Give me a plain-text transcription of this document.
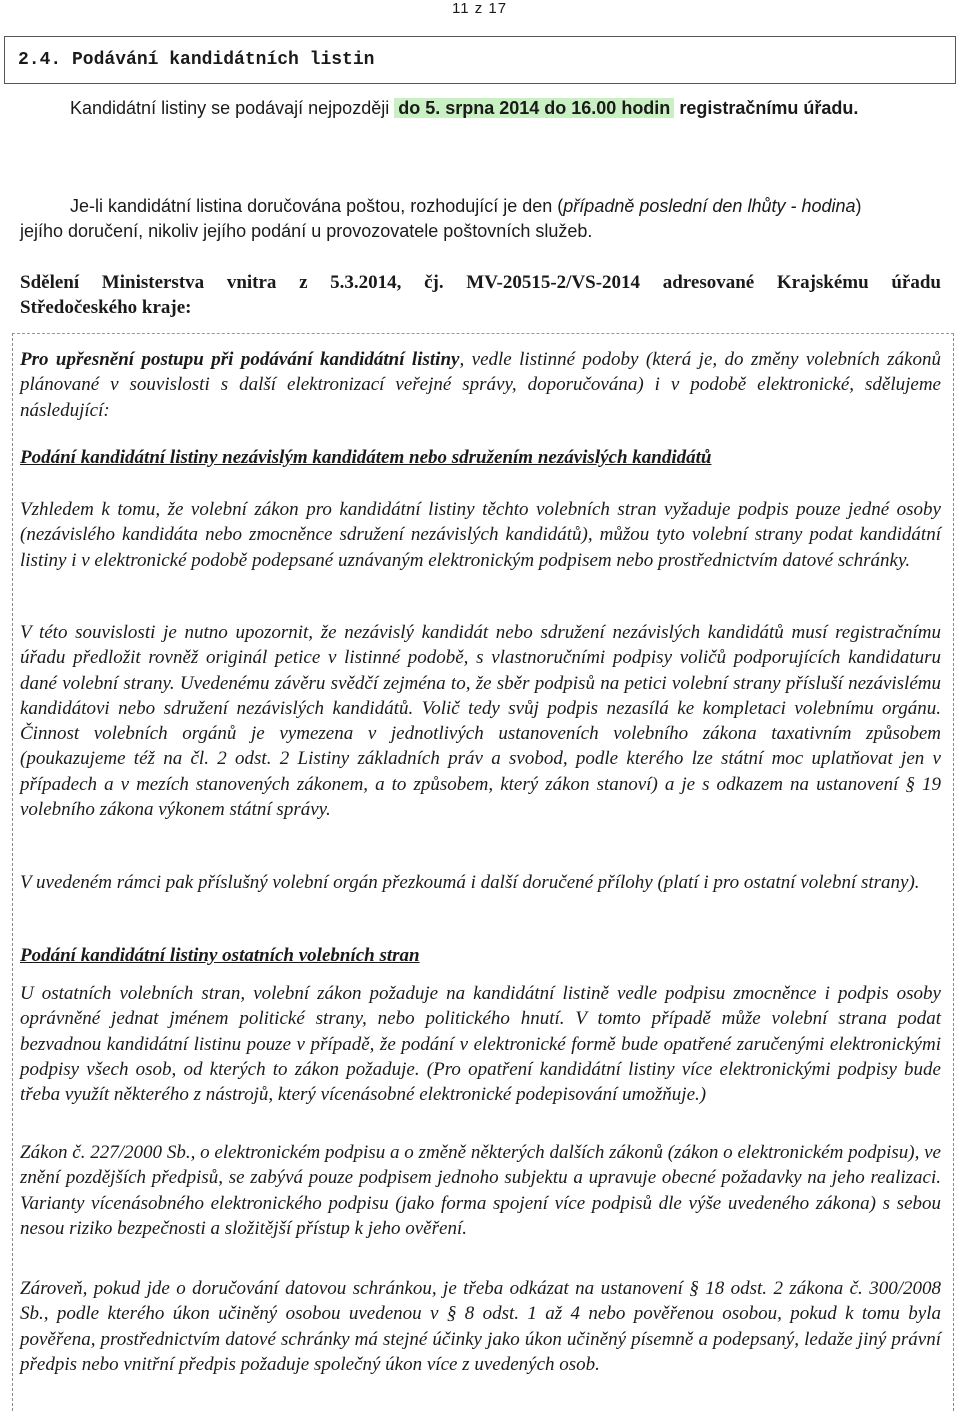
11 z 17
2.4. Podávání kandidátních listin
Kandidátní listiny se podávají nejpozději do 5. srpna 2014 do 16.00 hodin registračnímu úřadu.
Je-li kandidátní listina doručována poštou, rozhodující je den (případně poslední den lhůty - hodina)
jejího doručení, nikoliv jejího podání u provozovatele poštovních služeb.
Sdělení Ministerstva vnitra z 5.3.2014, čj. MV-20515-2/VS-2014 adresované Krajskému úřadu
Středočeského kraje:

Pro upřesnění postupu při podávání kandidátní listiny, vedle listinné podoby (která je, do změny volebních zákonů plánované v souvislosti s další elektronizací veřejné správy, doporučována) i v podobě elektronické, sdělujeme následující:

Podání kandidátní listiny nezávislým kandidátem nebo sdružením nezávislých kandidátů

Vzhledem k tomu, že volební zákon pro kandidátní listiny těchto volebních stran vyžaduje podpis pouze jedné osoby (nezávislého kandidáta nebo zmocněnce sdružení nezávislých kandidátů), můžou tyto volební strany podat kandidátní listiny i v elektronické podobě podepsané uznávaným elektronickým podpisem nebo prostřednictvím datové schránky.

V této souvislosti je nutno upozornit, že nezávislý kandidát nebo sdružení nezávislých kandidátů musí registračnímu úřadu předložit rovněž originál petice v listinné podobě, s vlastnoručními podpisy voličů podporujících kandidaturu dané volební strany. Uvedenému závěru svědčí zejména to, že sběr podpisů na petici volební strany přísluší nezávislému kandidátovi nebo sdružení nezávislých kandidátů. Volič tedy svůj podpis nezasílá ke kompletaci volebnímu orgánu. Činnost volebních orgánů je vymezena v jednotlivých ustanoveních volebního zákona taxativním způsobem (poukazujeme též na čl. 2 odst. 2 Listiny základních práv a svobod, podle kterého lze státní moc uplatňovat jen v případech a v mezích stanovených zákonem, a to způsobem, který zákon stanoví) a je s odkazem na ustanovení § 19 volebního zákona výkonem státní správy.

V uvedeném rámci pak příslušný volební orgán přezkoumá i další doručené přílohy (platí i pro ostatní volební strany).

Podání kandidátní listiny ostatních volebních stran

U ostatních volebních stran, volební zákon požaduje na kandidátní listině vedle podpisu zmocněnce i podpis osoby oprávněné jednat jménem politické strany, nebo politického hnutí. V tomto případě může volební strana podat bezvadnou kandidátní listinu pouze v případě, že podání v elektronické formě bude opatřené zaručenými elektronickými podpisy všech osob, od kterých to zákon požaduje. (Pro opatření kandidátní listiny více elektronickými podpisy bude třeba využít některého z nástrojů, který vícenásobné elektronické podepisování umožňuje.)

Zákon č. 227/2000 Sb., o elektronickém podpisu a o změně některých dalších zákonů (zákon o elektronickém podpisu), ve znění pozdějších předpisů, se zabývá pouze podpisem jednoho subjektu a upravuje obecné požadavky na jeho realizaci. Varianty vícenásobného elektronického podpisu (jako forma spojení více podpisů dle výše uvedeného zákona) s sebou nesou riziko bezpečnosti a složitější přístup k jeho ověření.

Zároveň, pokud jde o doručování datovou schránkou, je třeba odkázat na ustanovení § 18 odst. 2 zákona č. 300/2008 Sb., podle kterého úkon učiněný osobou uvedenou v § 8 odst. 1 až 4 nebo pověřenou osobou, pokud k tomu byla pověřena, prostřednictvím datové schránky má stejné účinky jako úkon učiněný písemně a podepsaný, ledaže jiný právní předpis nebo vnitřní předpis požaduje společný úkon více z uvedených osob.
